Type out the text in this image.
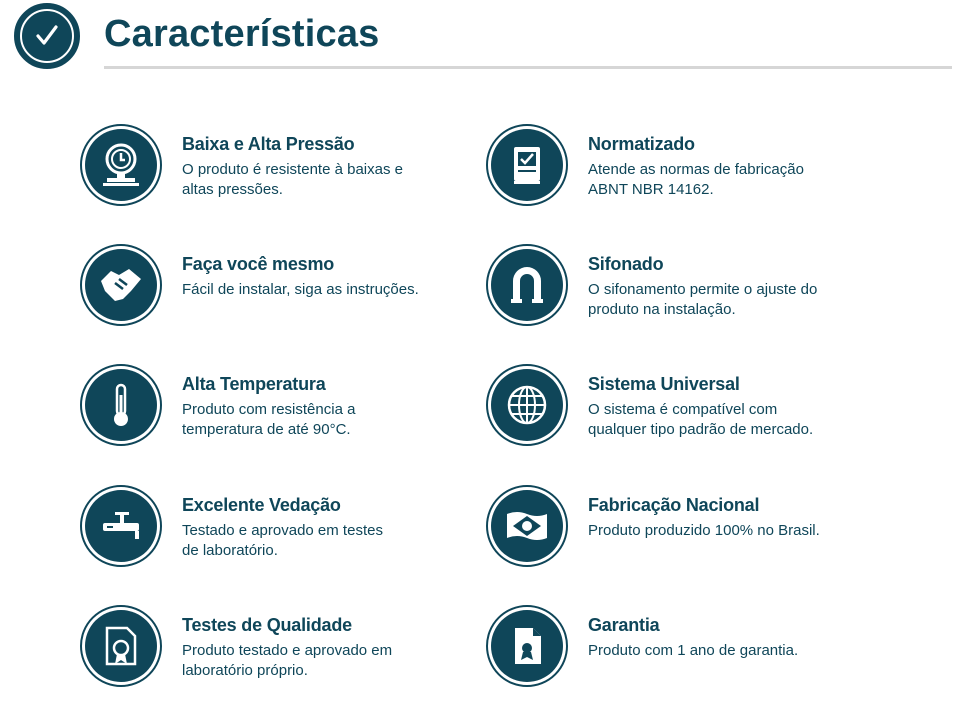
Características

Baixa e Alta Pressão

O produto é resistente à baixas e
altas pressões.

Normatizado

Atende as normas de fabricação
ABNT NBR 14162.

Faça você mesmo

Fácil de instalar, siga as instruções.

Sifonado

O sifonamento permite o ajuste do
produto na instalação.

Alta Temperatura

Produto com resistência a
temperatura de até 90°C.

Sistema Universal

O sistema é compatível com
qualquer tipo padrão de mercado.

Excelente Vedação

Testado e aprovado em testes
de laboratório.

Fabricação Nacional

Produto produzido 100% no Brasil.

Testes de Qualidade

Produto testado e aprovado em
laboratório próprio.

Garantia

Produto com 1 ano de garantia.
